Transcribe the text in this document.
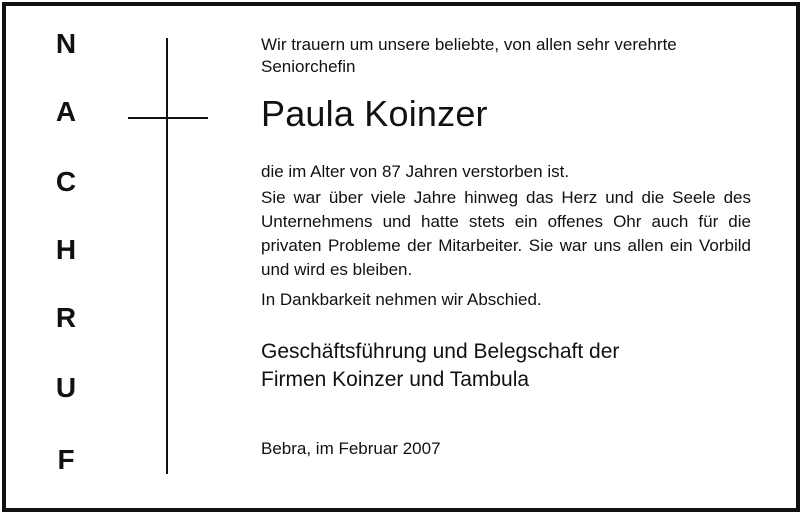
N
A
C
H
R
U
F

Wir trauern um unsere beliebte, von allen sehr verehrte Seniorchefin

Paula Koinzer

die im Alter von 87 Jahren verstorben ist.

Sie war über viele Jahre hinweg das Herz und die Seele des Unternehmens und hatte stets ein offenes Ohr auch für die privaten Probleme der Mitarbeiter. Sie war uns allen ein Vorbild und wird es bleiben.

In Dankbarkeit nehmen wir Abschied.

Geschäftsführung und Belegschaft der
Firmen Koinzer und Tambula
Bebra, im Februar 2007
